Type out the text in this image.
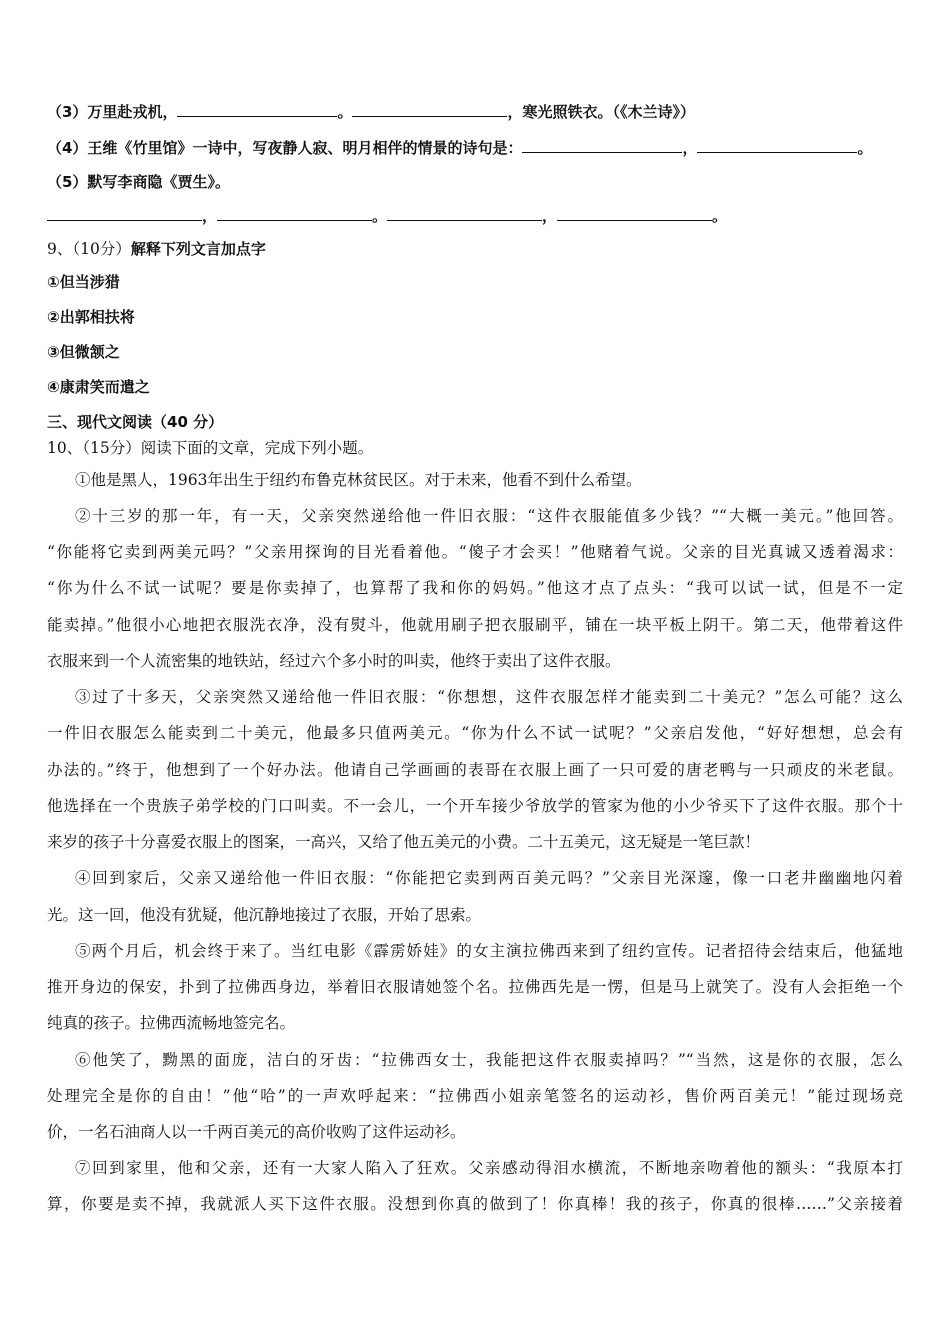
（3）万里赴戎机，	。	，寒光照铁衣。（《木兰诗》）
（4）王维《竹里馆》一诗中，写夜静人寂、明月相伴的情景的诗句是：	，	。
（5）默写李商隐《贾生》。
，	。	，	。
9、（10分）解释下列文言加点字
①但当涉猎
②出郭相扶将
③但微颔之
④康肃笑而遣之
三、现代文阅读（40 分）
10、（15分）阅读下面的文章，完成下列小题。
①他是黑人，1963年出生于纽约布鲁克林贫民区。对于未来，他看不到什么希望。
②十三岁的那一年，有一天，父亲突然递给他一件旧衣服：“这件衣服能值多少钱？”“大概一美元。”他回答。
“你能将它卖到两美元吗？”父亲用探询的目光看着他。“傻子才会买！”他赌着气说。父亲的目光真诚又透着渴求：
“你为什么不试一试呢？要是你卖掉了，也算帮了我和你的妈妈。”他这才点了点头：“我可以试一试，但是不一定
能卖掉。”他很小心地把衣服洗衣净，没有熨斗，他就用刷子把衣服刷平，铺在一块平板上阴干。第二天，他带着这件
衣服来到一个人流密集的地铁站，经过六个多小时的叫卖，他终于卖出了这件衣服。
③过了十多天，父亲突然又递给他一件旧衣服：“你想想，这件衣服怎样才能卖到二十美元？”怎么可能？这么
一件旧衣服怎么能卖到二十美元，他最多只值两美元。“你为什么不试一试呢？”父亲启发他，“好好想想，总会有
办法的。”终于，他想到了一个好办法。他请自己学画画的表哥在衣服上画了一只可爱的唐老鸭与一只顽皮的米老鼠。
他选择在一个贵族子弟学校的门口叫卖。不一会儿，一个开车接少爷放学的管家为他的小少爷买下了这件衣服。那个十
来岁的孩子十分喜爱衣服上的图案，一高兴，又给了他五美元的小费。二十五美元，这无疑是一笔巨款！
④回到家后，父亲又递给他一件旧衣服：“你能把它卖到两百美元吗？”父亲目光深邃，像一口老井幽幽地闪着
光。这一回，他没有犹疑，他沉静地接过了衣服，开始了思索。
⑤两个月后，机会终于来了。当红电影《霹雳娇娃》的女主演拉佛西来到了纽约宣传。记者招待会结束后，他猛地
推开身边的保安，扑到了拉佛西身边，举着旧衣服请她签个名。拉佛西先是一愣，但是马上就笑了。没有人会拒绝一个
纯真的孩子。拉佛西流畅地签完名。
⑥他笑了，黝黑的面庞，洁白的牙齿：“拉佛西女士，我能把这件衣服卖掉吗？”“当然，这是你的衣服，怎么
处理完全是你的自由！”他“哈”的一声欢呼起来：“拉佛西小姐亲笔签名的运动衫，售价两百美元！”能过现场竞
价，一名石油商人以一千两百美元的高价收购了这件运动衫。
⑦回到家里，他和父亲，还有一大家人陷入了狂欢。父亲感动得泪水横流，不断地亲吻着他的额头：“我原本打
算，你要是卖不掉，我就派人买下这件衣服。没想到你真的做到了！你真棒！我的孩子，你真的很棒……”父亲接着
